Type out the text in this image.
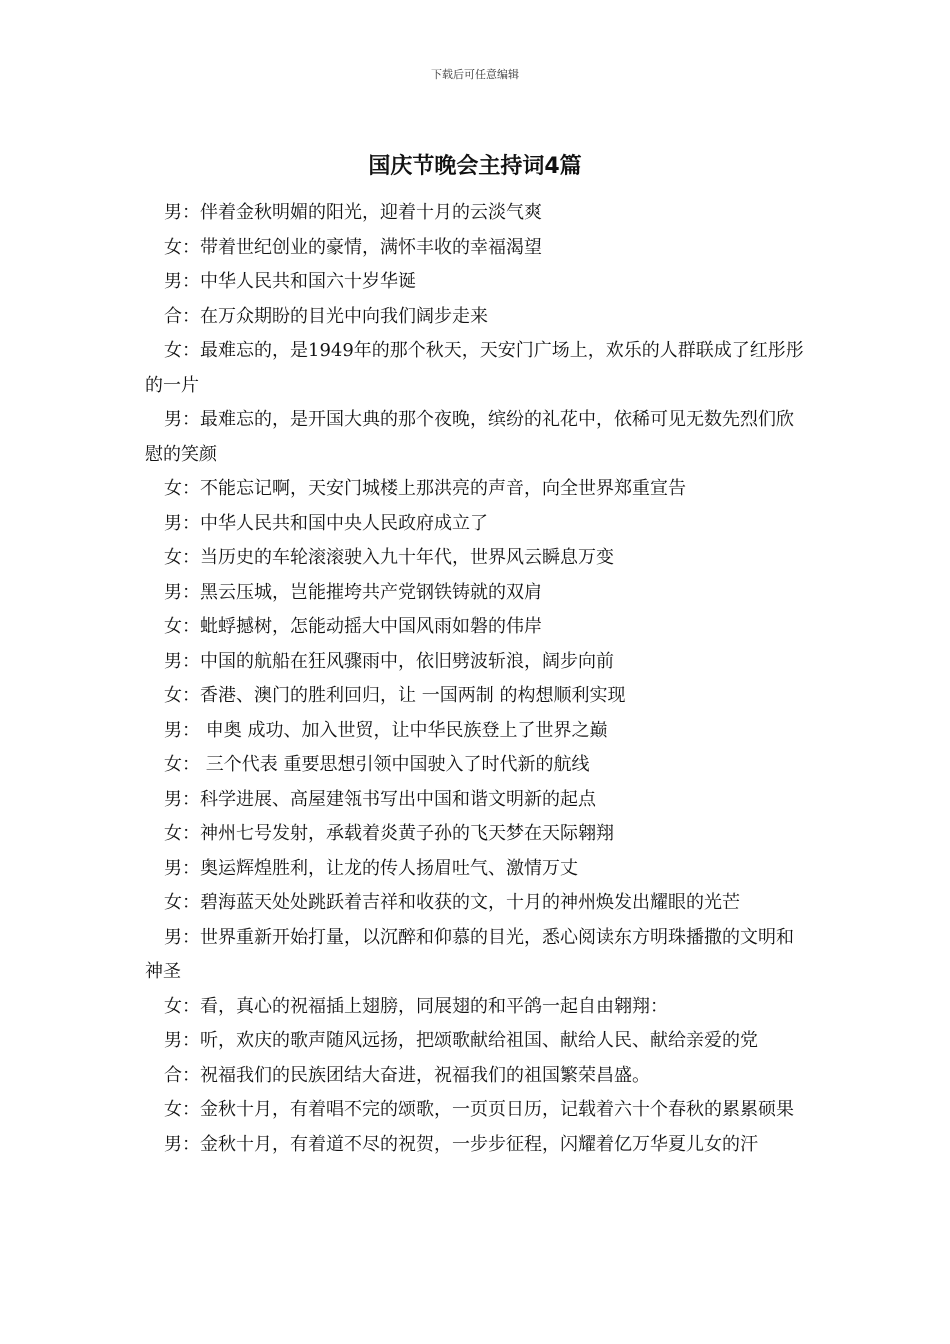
下载后可任意编辑
国庆节晚会主持词4篇

男：伴着金秋明媚的阳光，迎着十月的云淡气爽

女：带着世纪创业的豪情，满怀丰收的幸福渴望

男：中华人民共和国六十岁华诞

合：在万众期盼的目光中向我们阔步走来

女：最难忘的，是1949年的那个秋天，天安门广场上，欢乐的人群联成了红彤彤的一片

男：最难忘的，是开国大典的那个夜晚，缤纷的礼花中，依稀可见无数先烈们欣慰的笑颜

女：不能忘记啊，天安门城楼上那洪亮的声音，向全世界郑重宣告

男：中华人民共和国中央人民政府成立了

女：当历史的车轮滚滚驶入九十年代，世界风云瞬息万变

男：黑云压城，岂能摧垮共产党钢铁铸就的双肩

女：蚍蜉撼树，怎能动摇大中国风雨如磐的伟岸

男：中国的航船在狂风骤雨中，依旧劈波斩浪，阔步向前

女：香港、澳门的胜利回归，让 一国两制 的构想顺利实现

男： 申奥 成功、加入世贸，让中华民族登上了世界之巅

女： 三个代表 重要思想引领中国驶入了时代新的航线

男：科学进展、高屋建瓴书写出中国和谐文明新的起点

女：神州七号发射，承载着炎黄子孙的飞天梦在天际翱翔

男：奥运辉煌胜利，让龙的传人扬眉吐气、激情万丈

女：碧海蓝天处处跳跃着吉祥和收获的文，十月的神州焕发出耀眼的光芒

男：世界重新开始打量，以沉醉和仰慕的目光，悉心阅读东方明珠播撒的文明和神圣

女：看，真心的祝福插上翅膀，同展翅的和平鸽一起自由翱翔：

男：听，欢庆的歌声随风远扬，把颂歌献给祖国、献给人民、献给亲爱的党

合：祝福我们的民族团结大奋进，祝福我们的祖国繁荣昌盛。

女：金秋十月，有着唱不完的颂歌，一页页日历，记载着六十个春秋的累累硕果

男：金秋十月，有着道不尽的祝贺，一步步征程，闪耀着亿万华夏儿女的汗
